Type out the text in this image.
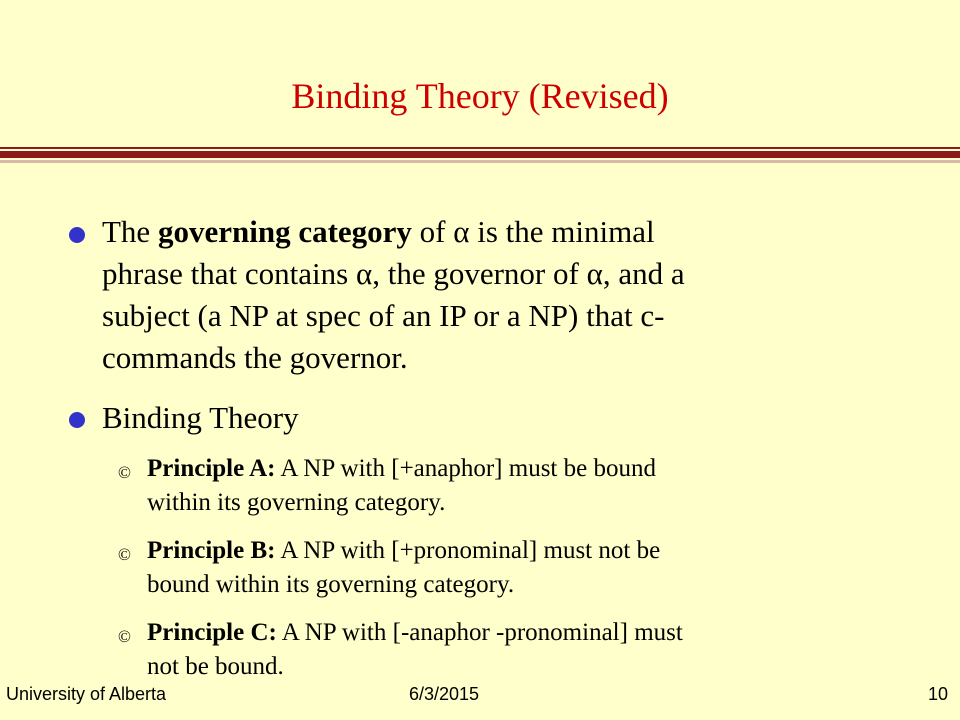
Binding Theory (Revised)
The governing category of α is the minimal
phrase that contains α, the governor of α, and a
subject (a NP at spec of an IP or a NP) that c-
commands the governor.
Binding Theory
© Principle A: A NP with [+anaphor] must be bound
within its governing category.
© Principle B: A NP with [+pronominal] must not be
bound within its governing category.
© Principle C: A NP with [-anaphor -pronominal] must
not be bound.
University of Alberta	6/3/2015	10
